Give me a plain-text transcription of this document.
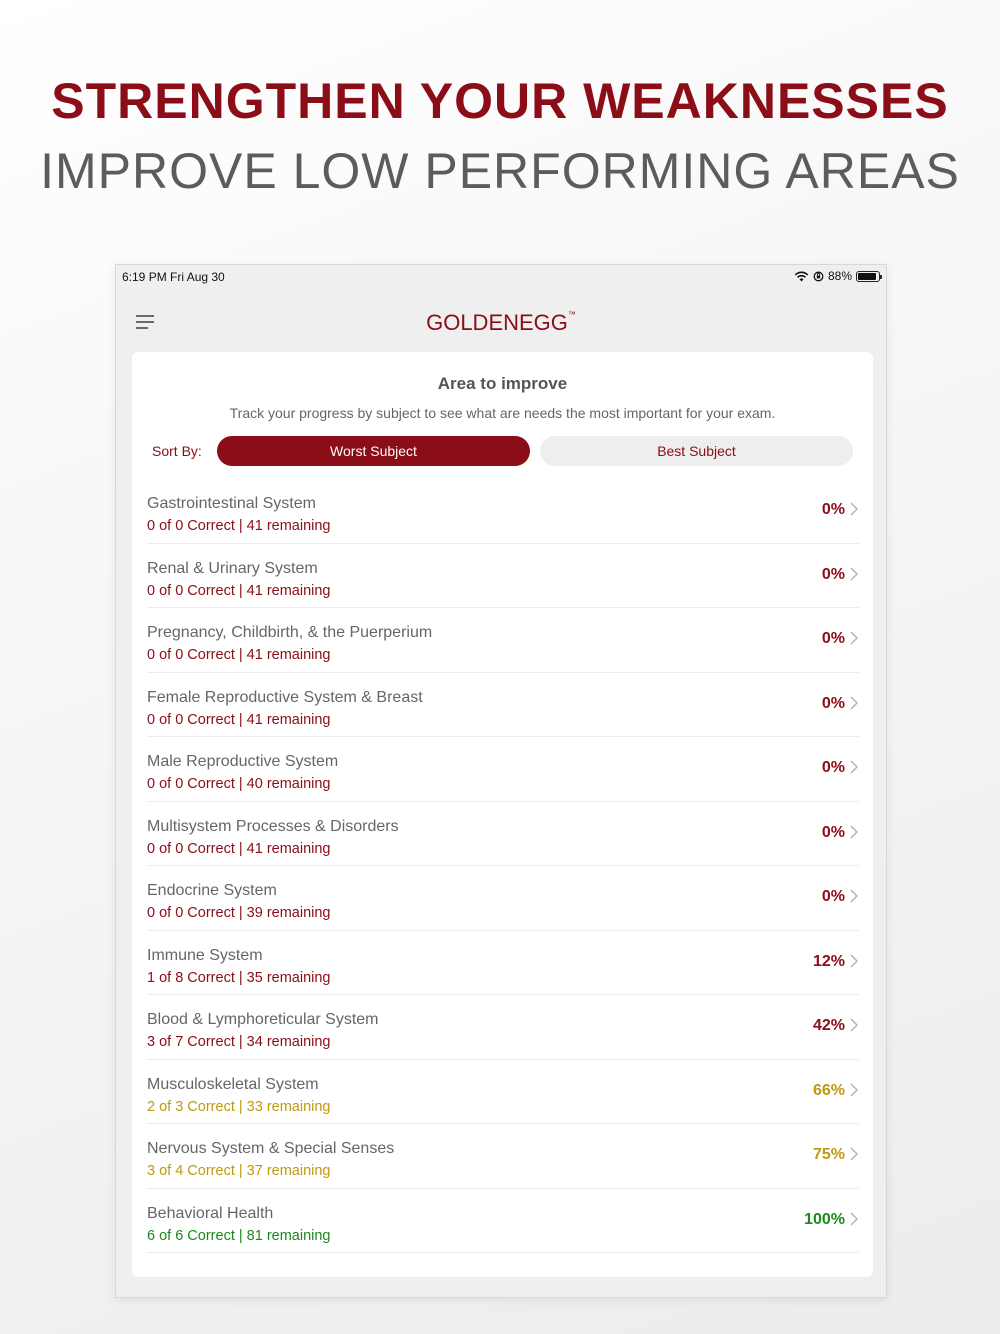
STRENGTHEN YOUR WEAKNESSES
IMPROVE LOW PERFORMING AREAS
6:19 PM Fri Aug 30	88%
GOLDENEGG™
Area to improve
Track your progress by subject to see what are needs the most important for your exam.
Sort By:	Worst Subject	Best Subject
Gastrointestinal System
0 of 0 Correct | 41 remaining
0%
Renal & Urinary System
0 of 0 Correct | 41 remaining
0%
Pregnancy, Childbirth, & the Puerperium
0 of 0 Correct | 41 remaining
0%
Female Reproductive System & Breast
0 of 0 Correct | 41 remaining
0%
Male Reproductive System
0 of 0 Correct | 40 remaining
0%
Multisystem Processes & Disorders
0 of 0 Correct | 41 remaining
0%
Endocrine System
0 of 0 Correct | 39 remaining
0%
Immune System
1 of 8 Correct | 35 remaining
12%
Blood & Lymphoreticular System
3 of 7 Correct | 34 remaining
42%
Musculoskeletal System
2 of 3 Correct | 33 remaining
66%
Nervous System & Special Senses
3 of 4 Correct | 37 remaining
75%
Behavioral Health
6 of 6 Correct | 81 remaining
100%
